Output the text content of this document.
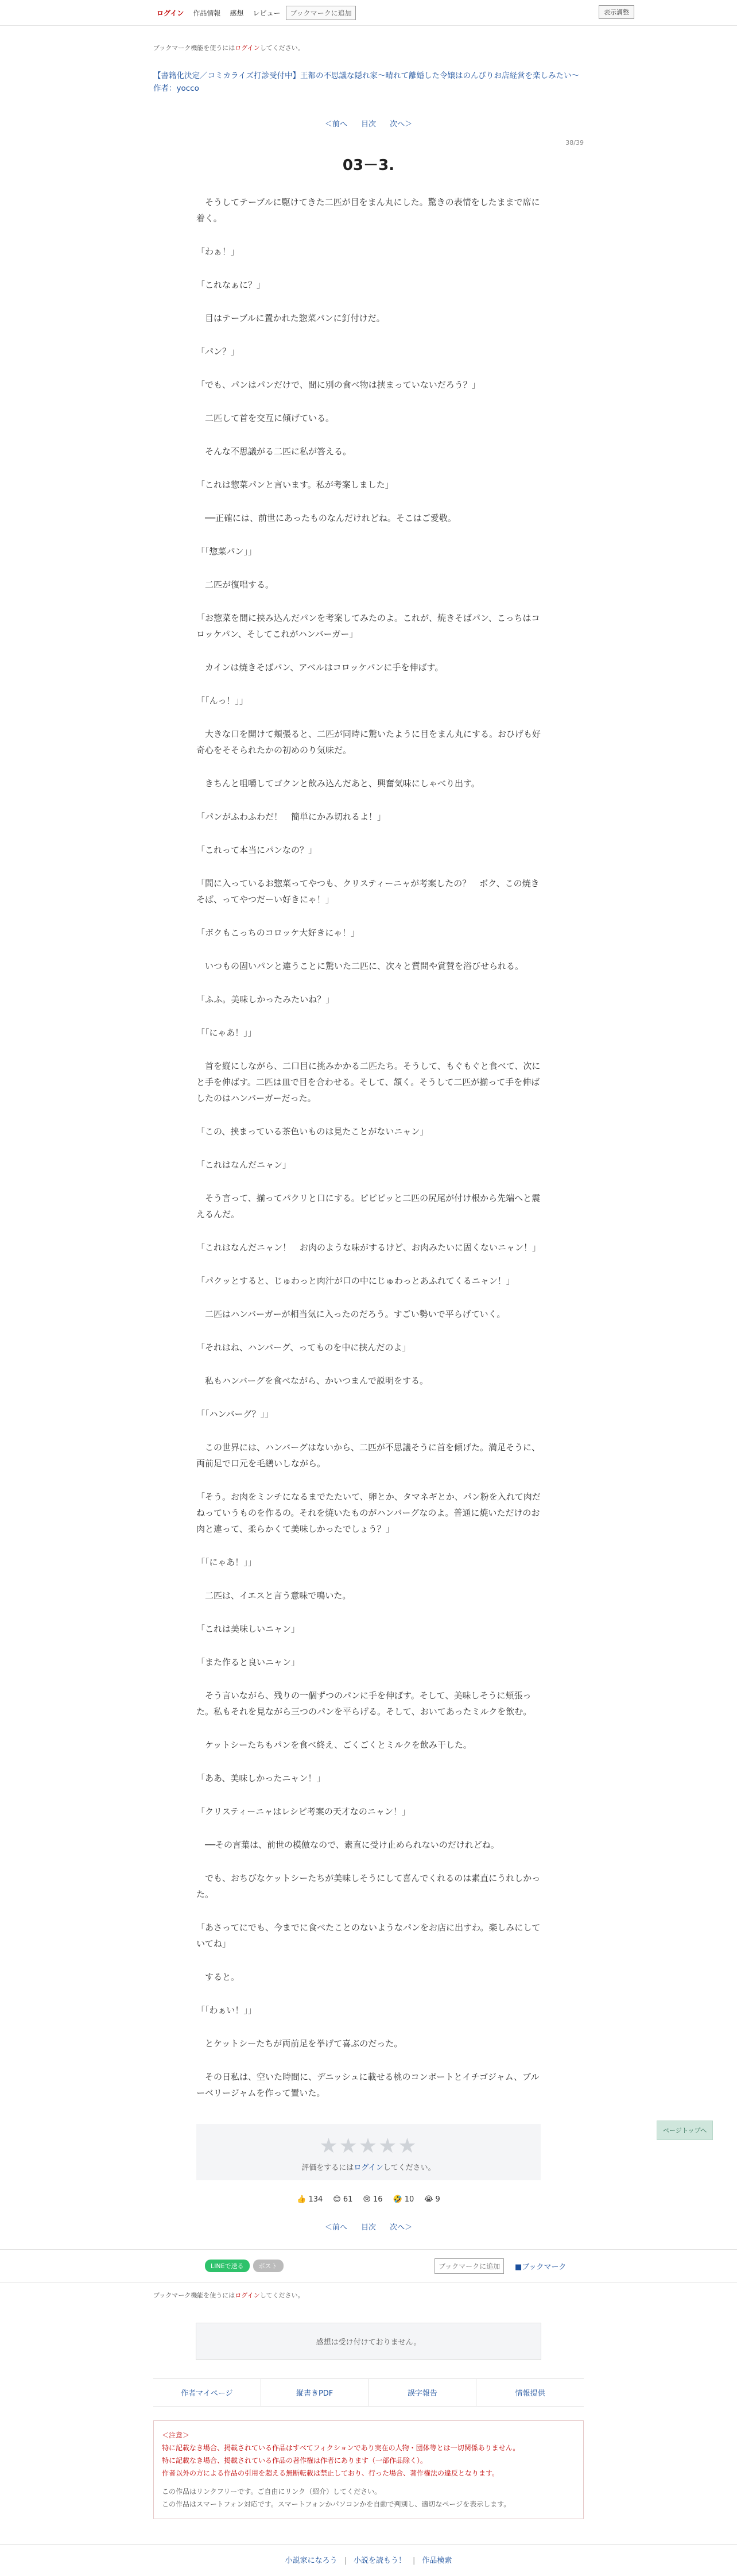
ログイン	作品情報	感想	レビュー	ブックマークに追加	表示調整
ブックマーク機能を使うにはログインしてください。
【書籍化決定／コミカライズ打診受付中】王都の不思議な隠れ家～晴れて離婚した令嬢はのんびりお店経営を楽しみたい～ 作者：yocco
＜前へ 目次 次へ＞
38/39
03－3.

そうしてテーブルに駆けてきた二匹が目をまん丸にした。驚きの表情をしたままで席に着く。

「わぁ！」

「これなぁに？」

目はテーブルに置かれた惣菜パンに釘付けだ。

「パン？」

「でも、パンはパンだけで、間に別の食べ物は挟まっていないだろう？」

二匹して首を交互に傾げている。

そんな不思議がる二匹に私が答える。

「これは惣菜パンと言います。私が考案しました」

──正確には、前世にあったものなんだけれどね。そこはご愛敬。

「「惣菜パン」」

二匹が復唱する。

「お惣菜を間に挟み込んだパンを考案してみたのよ。これが、焼きそばパン、こっちはコロッケパン、そしてこれがハンバーガー」

カインは焼きそばパン、アベルはコロッケパンに手を伸ばす。

「「んっ！」」

大きな口を開けて頬張ると、二匹が同時に驚いたように目をまん丸にする。おひげも好奇心をそそられたかの初めのり気味だ。

きちんと咀嚼してゴクンと飲み込んだあと、興奮気味にしゃべり出す。

「パンがふわふわだ！　簡単にかみ切れるよ！」

「これって本当にパンなの？」

「間に入っているお惣菜ってやつも、クリスティーニャが考案したの？　ボク、この焼きそば、ってやつだーい好きにゃ！」

「ボクもこっちのコロッケ大好きにゃ！」

いつもの固いパンと違うことに驚いた二匹に、次々と質問や賞賛を浴びせられる。

「ふふ。美味しかったみたいね？」

「「にゃあ！」」

首を縦にしながら、二口目に挑みかかる二匹たち。そうして、もぐもぐと食べて、次にと手を伸ばす。二匹は皿で目を合わせる。そして、頷く。そうして二匹が揃って手を伸ばしたのはハンバーガーだった。

「この、挟まっている茶色いものは見たことがないニャン」

「これはなんだニャン」

そう言って、揃ってパクリと口にする。ピピピッと二匹の尻尾が付け根から先端へと震えるんだ。

「これはなんだニャン！　お肉のような味がするけど、お肉みたいに固くないニャン！」

「パクッとすると、じゅわっと肉汁が口の中にじゅわっとあふれてくるニャン！」

二匹はハンバーガーが相当気に入ったのだろう。すごい勢いで平らげていく。

「それはね、ハンバーグ、ってものを中に挟んだのよ」

私もハンバーグを食べながら、かいつまんで説明をする。

「「ハンバーグ？」」

この世界には、ハンバーグはないから、二匹が不思議そうに首を傾げた。満足そうに、両前足で口元を毛繕いしながら。

「そう。お肉をミンチになるまでたたいて、卵とか、タマネギとか、パン粉を入れて肉だねっていうものを作るの。それを焼いたものがハンバーグなのよ。普通に焼いただけのお肉と違って、柔らかくて美味しかったでしょう？」

「「にゃあ！」」

二匹は、イエスと言う意味で鳴いた。

「これは美味しいニャン」

「また作ると良いニャン」

そう言いながら、残りの一個ずつのパンに手を伸ばす。そして、美味しそうに頬張った。私もそれを見ながら三つのパンを平らげる。そして、おいてあったミルクを飲む。

ケットシーたちもパンを食べ終え、ごくごくとミルクを飲み干した。

「ああ、美味しかったニャン！」

「クリスティーニャはレシピ考案の天才なのニャン！」

──その言葉は、前世の模倣なので、素直に受け止められないのだけれどね。

でも、おちびなケットシーたちが美味しそうにして喜んでくれるのは素直にうれしかった。

「あさってにでも、今までに食べたことのないようなパンをお店に出すわ。楽しみにしていてね」

すると。

「「わぁい！」」

とケットシーたちが両前足を挙げて喜ぶのだった。

その日私は、空いた時間に、デニッシュに載せる桃のコンポートとイチゴジャム、ブルーベリージャムを作って置いた。

★★★★★
評価をするにはログインしてください。
👍 134 😊 61 😢 16 🤣 10 😭 9
＜前へ 目次 次へ＞
LINEで送る	ポスト	ブックマークに追加	■ブックマーク
ブックマーク機能を使うにはログインしてください。
感想は受け付けておりません。
作者マイページ	縦書きPDF	誤字報告	情報提供
＜注意＞
特に記載なき場合、掲載されている作品はすべてフィクションであり実在の人物・団体等とは一切関係ありません。
特に記載なき場合、掲載されている作品の著作権は作者にあります（一部作品除く）。
作者以外の方による作品の引用を超える無断転載は禁止しており、行った場合、著作権法の違反となります。
この作品はリンクフリーです。ご自由にリンク（紹介）してください。
この作品はスマートフォン対応です。スマートフォンかパソコンかを自動で判別し、適切なページを表示します。
小説家になろう | 小説を読もう！ | 作品検索
ページトップへ
